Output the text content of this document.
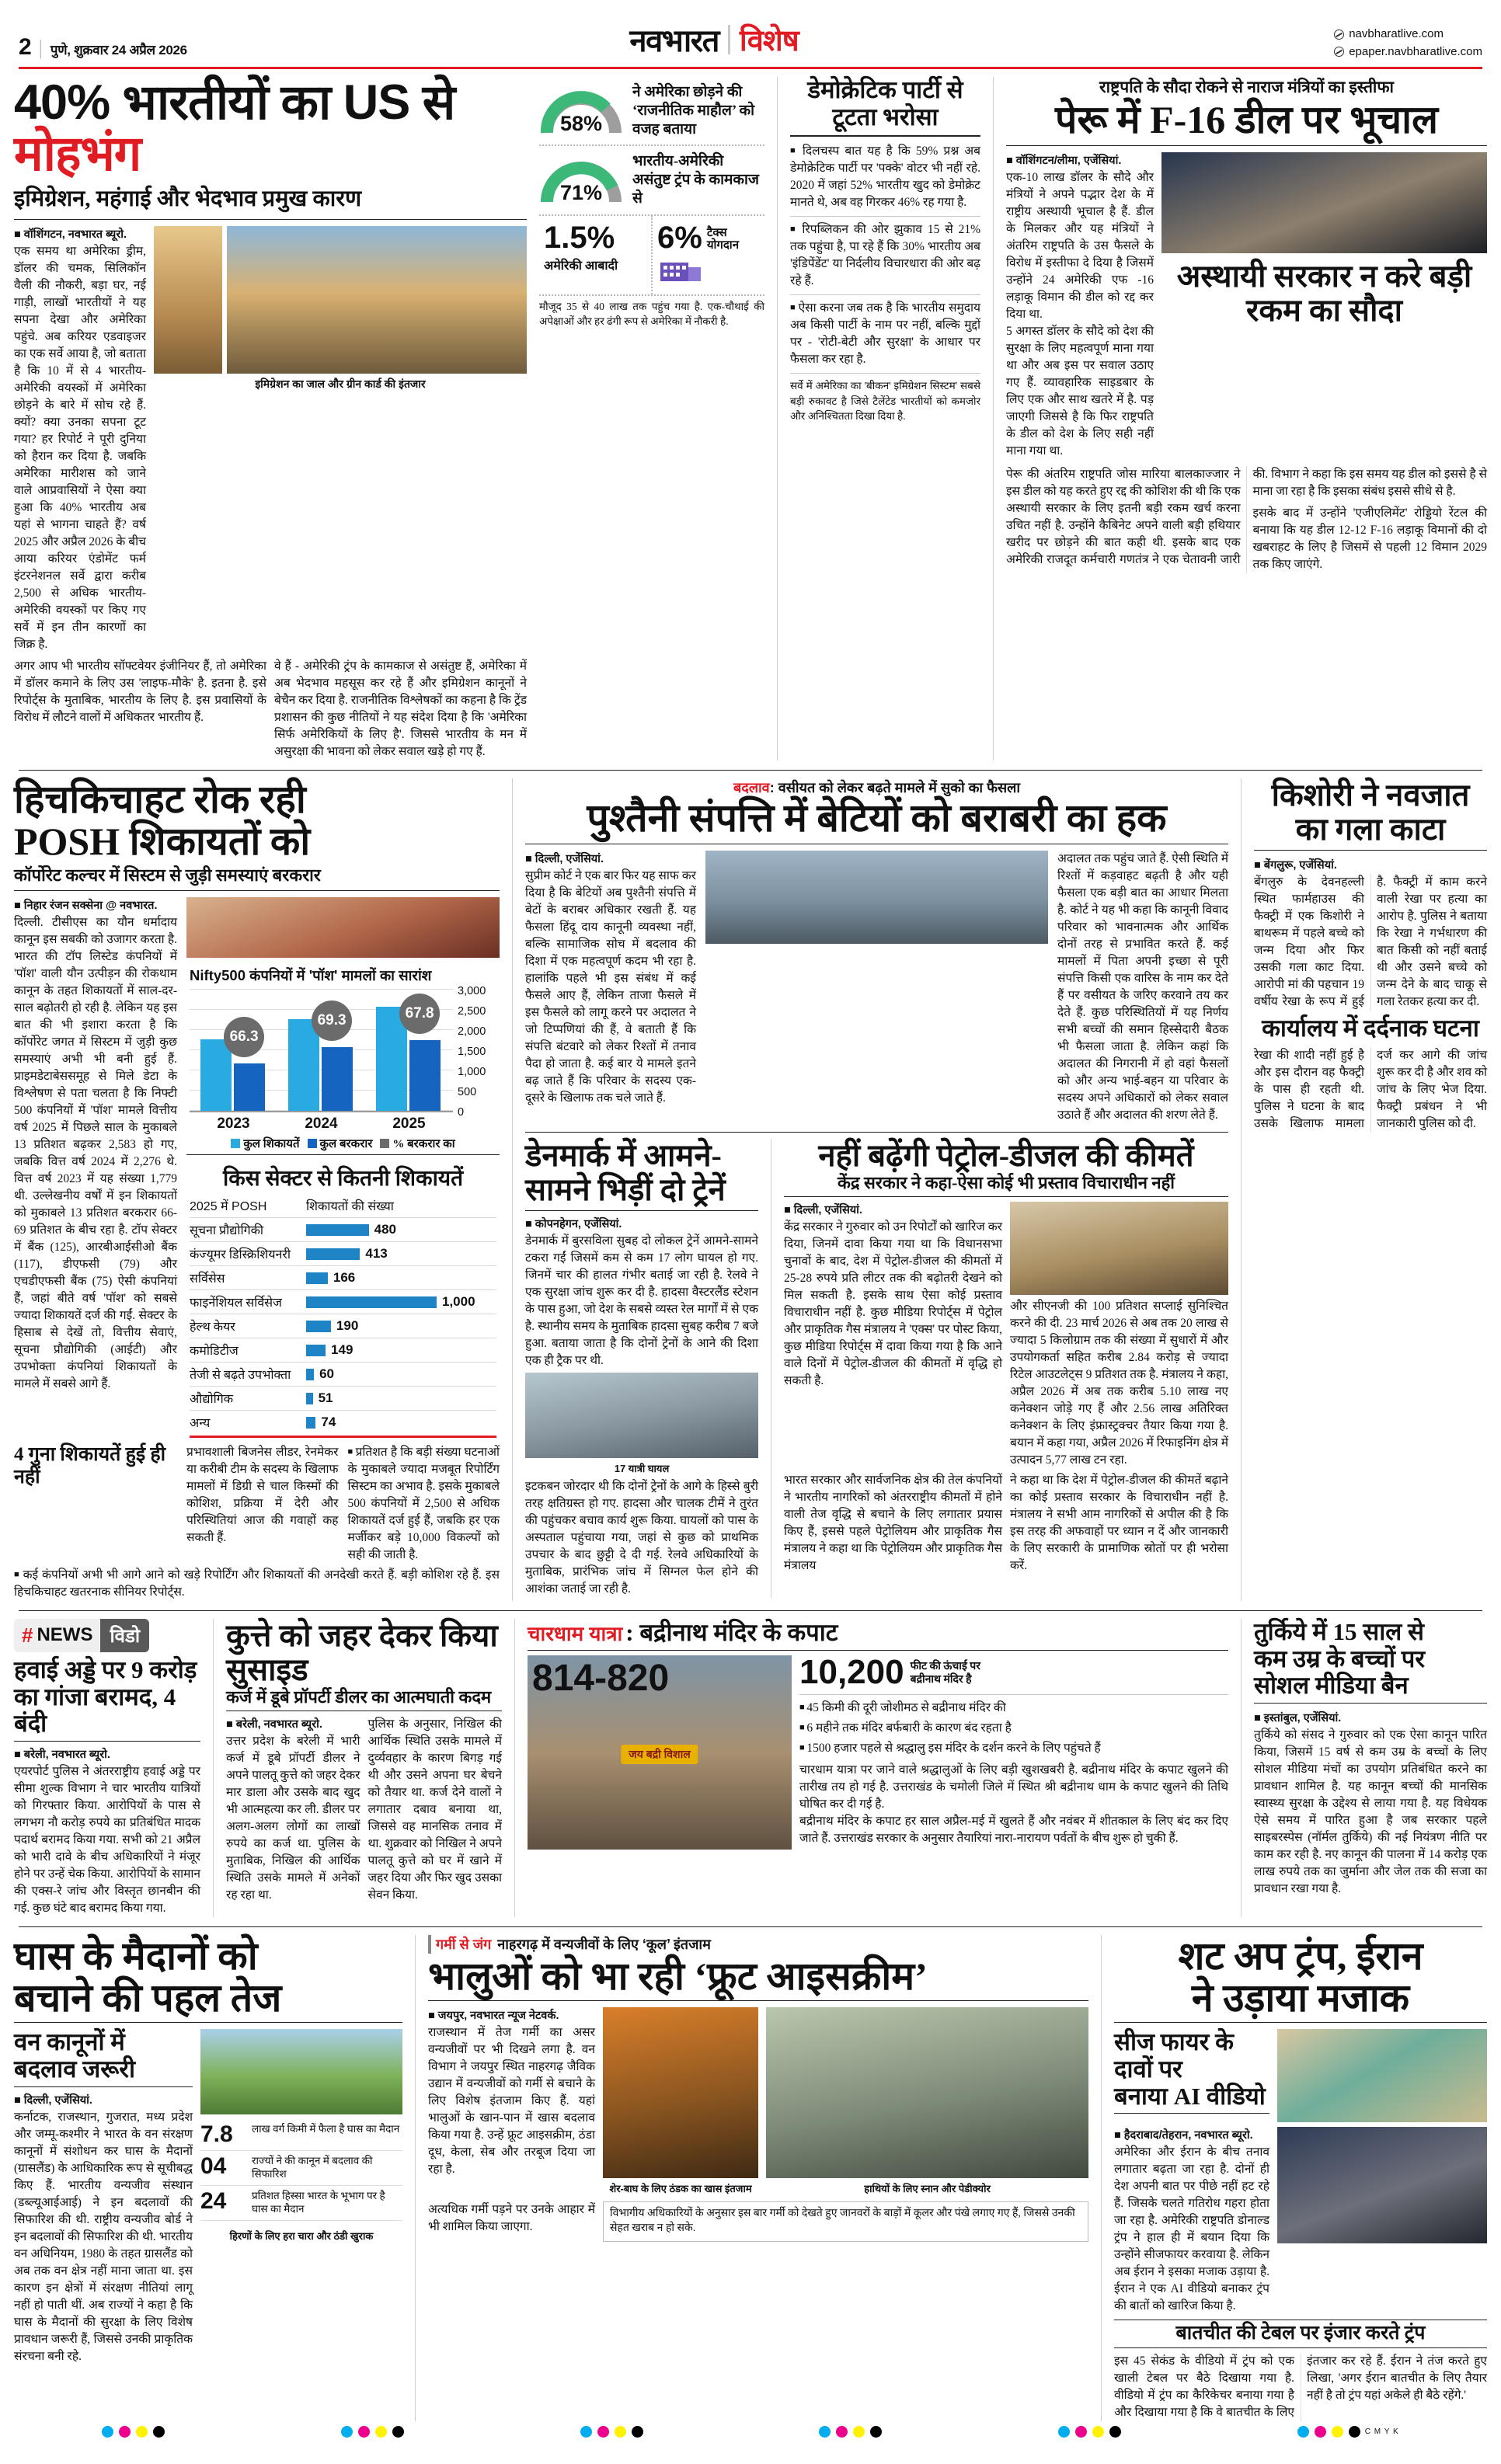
2 | पुणे, शुक्रवार 24 अप्रैल 2026	नवभारत विशेष	navbharatlive.com
epaper.navbharatlive.com
40% भारतीयों का US से मोहभंग
इमिग्रेशन, महंगाई और भेदभाव प्रमुख कारण
■ वॉशिंगटन, नवभारत ब्यूरो.
एक समय था अमेरिका ड्रीम, डॉलर की चमक, सिलिकॉन वैली की नौकरी, बड़ा घर, नई गाड़ी, लाखों भारतीयों ने यह सपना देखा और अमेरिका पहुंचे. अब करियर एडवाइजर का एक सर्वे आया है, जो बताता है कि 10 में से 4 भारतीय-अमेरिकी वयस्कों में अमेरिका छोड़ने के बारे में सोच रहे हैं. क्यों? क्या उनका सपना टूट गया? हर रिपोर्ट ने पूरी दुनिया को हैरान कर दिया है. जबकि अमेरिका मारीशस को जाने वाले आप्रवासियों ने ऐसा क्या हुआ कि 40% भारतीय अब यहां से भागना चाहते हैं? वर्ष 2025 और अप्रैल 2026 के बीच आया करियर एंडोमेंट फर्म इंटरनेशनल सर्वे द्वारा करीब 2,500 से अधिक भारतीय-अमेरिकी वयस्कों पर किए गए सर्वे में इन तीन कारणों का जिक्र है.
इमिग्रेशन का जाल और ग्रीन कार्ड की इंतजार
अगर आप भी भारतीय सॉफ्टवेयर इंजीनियर हैं, तो अमेरिका में डॉलर कमाने के लिए उस 'लाइफ-मौके' है. इतना है. इसे रिपोर्ट्स के मुताबिक, भारतीय के लिए है. इस प्रवासियों के विरोध में लौटने वालों में अधिकतर भारतीय हैं.
वे हैं - अमेरिकी ट्रंप के कामकाज से असंतुष्ट हैं, अमेरिका में अब भेदभाव महसूस कर रहे हैं और इमिग्रेशन कानूनों ने बेचैन कर दिया है. राजनीतिक विश्लेषकों का कहना है कि ट्रेंड प्रशासन की कुछ नीतियों ने यह संदेश दिया है कि 'अमेरिका सिर्फ अमेरिकियों के लिए है'. जिससे भारतीय के मन में असुरक्षा की भावना को लेकर सवाल खड़े हो गए हैं.
58%
ने अमेरिका छोड़ने की ‘राजनीतिक माहौल’ को वजह बताया
71%
भारतीय-अमेरिकी असंतुष्ट ट्रंप के कामकाज से
1.5%
अमेरिकी आबादी
6% टैक्स योगदान
मौजूद 35 से 40 लाख तक पहुंच गया है. एक-चौथाई की अपेक्षाओं और हर ढंगी रूप से अमेरिका में नौकरी है.
डेमोक्रेटिक पार्टी से
टूटता भरोसा
■ दिलचस्प बात यह है कि 59% प्रश्न अब डेमोक्रेटिक पार्टी पर 'पक्के' वोटर भी नहीं रहे. 2020 में जहां 52% भारतीय खुद को डेमोक्रेट मानते थे, अब वह गिरकर 46% रह गया है.
■ रिपब्लिकन की ओर झुकाव 15 से 21% तक पहुंचा है, पा रहे हैं कि 30% भारतीय अब 'इंडिपेंडेंट' या निर्दलीय विचारधारा की ओर बढ़ रहे हैं.
■ ऐसा करना जब तक है कि भारतीय समुदाय अब किसी पार्टी के नाम पर नहीं, बल्कि मुद्दों पर - 'रोटी-बेटी और सुरक्षा' के आधार पर फैसला कर रहा है.
सर्वे में अमेरिका का 'बीकन' इमिग्रेशन सिस्टम' सबसे बड़ी रुकावट है जिसे टैलेंटेड भारतीयों को कमजोर और अनिश्चितता दिखा दिया है.
राष्ट्रपति के सौदा रोकने से नाराज मंत्रियों का इस्तीफा
पेरू में F-16 डील पर भूचाल
■ वॉशिंगटन/लीमा, एजेंसियां.
एक-10 लाख डॉलर के सौदे और मंत्रियों ने अपने पद्भार देश के में राष्ट्रीय अस्थायी भूचाल है हैं. डील के मिलकर और यह मंत्रियों ने अंतरिम राष्ट्रपति के उस फैसले के विरोध में इस्तीफा दे दिया है जिसमें उन्होंने 24 अमेरिकी एफ -16 लड़ाकू विमान की डील को रद्द कर दिया था.
5 अगस्त डॉलर के सौदे को देश की सुरक्षा के लिए महत्वपूर्ण माना गया था और अब इस पर सवाल उठाए गए हैं. व्यावहारिक साइडबार के लिए एक और साथ खतरे में है. पड़ जाएगी जिससे है कि फिर राष्ट्रपति के डील को देश के लिए सही नहीं माना गया था.
अस्थायी सरकार न करे बड़ी रकम का सौदा

पेरू की अंतरिम राष्ट्रपति जोस मारिया बालकाज्जार ने इस डील को यह करते हुए रद्द की कोशिश की थी कि एक अस्थायी सरकार के लिए इतनी बड़ी रकम खर्च करना उचित नहीं है. उन्होंने कैबिनेट अपने वाली बड़ी हथियार खरीद पर छोड़ने की बात कही थी. इसके बाद एक अमेरिकी राजदूत कर्मचारी गणतंत्र ने एक चेतावनी जारी की. विभाग ने कहा कि इस समय यह डील को इससे है से माना जा रहा है कि इसका संबंध इससे सीधे से है.

इसके बाद में उन्होंने 'एजीएलिमेंट' रोड्डियो रेंटल की बनाया कि यह डील 12-12 F-16 लड़ाकू विमानों की दो खबराहट के लिए है जिसमें से पहली 12 विमान 2029 तक किए जाएंगे.

हिचकिचाहट रोक रही
POSH शिकायतों को
कॉर्पोरेट कल्चर में सिस्टम से जुड़ी समस्याएं बरकरार
■ निहार रंजन सक्सेना @ नवभारत.
दिल्ली. टीसीएस का यौन धर्मादाय कानून इस सबकी को उजागर करता है. भारत की टॉप लिस्टेड कंपनियों में 'पॉश' वाली यौन उत्पीड़न की रोकथाम कानून के तहत शिकायतों में साल-दर-साल बढ़ोतरी हो रही है. लेकिन यह इस बात की भी इशारा करता है कि कॉर्पोरेट जगत में सिस्टम में जुड़ी कुछ समस्याएं अभी भी बनी हुई हैं. प्राइमडेटाबेससमूह से मिले डेटा के विश्लेषण से पता चलता है कि निफ्टी 500 कंपनियों में 'पॉश' मामले वित्तीय वर्ष 2025 में पिछले साल के मुकाबले 13 प्रतिशत बढ़कर 2,583 हो गए, जबकि वित्त वर्ष 2024 में 2,276 थे. वित्त वर्ष 2023 में यह संख्या 1,779 थी. उल्लेखनीय वर्षों में इन शिकायतों को मुकाबले 13 प्रतिशत बरकरार 66-69 प्रतिशत के बीच रहा है. टॉप सेक्टर में बैंक (125), आरबीआईसीओ बैंक (117), डीएफसी (79) और एचडीएफसी बैंक (75) ऐसी कंपनियां हैं, जहां बीते वर्ष 'पॉश' को सबसे ज्यादा शिकायतें दर्ज की गईं. सेक्टर के हिसाब से देखें तो, वित्तीय सेवाएं, सूचना प्रौद्योगिकी (आईटी) और उपभोक्ता कंपनियां शिकायतों के मामले में सबसे आगे हैं.
Nifty500 कंपनियों में 'पॉश' मामलों का सारांश
66.3
69.3	67.8
3,000
2,500
2,000
1,500
1,000
500
0
2023	2024	2025
कुल शिकायतें	कुल बरकरार	% बरकरार का
किस सेक्टर से कितनी शिकायतें
2025 में POSH	शिकायतों की संख्या
सूचना प्रौद्योगिकी	480
कंज्यूमर डिस्क्रिशियनरी	413
सर्विसेस	166
फाइनेंशियल सर्विसेज	1,000
हेल्थ केयर	190
कमोडिटीज	149
तेजी से बढ़ते उपभोक्ता	60
औद्योगिक	51
अन्य	74
4 गुना शिकायतें हुई ही नहीं
प्रभावशाली बिजनेस लीडर, रेनमेकर या करीबी टीम के सदस्य के खिलाफ मामलों में डिग्री से चाल किस्मों की कोशिश, प्रक्रिया में देरी और परिस्थितियां आज की गवाहों कह सकती हैं.
■ प्रतिशत है कि बड़ी संख्या घटनाओं के मुकाबले ज्यादा मजबूत रिपोर्टिंग सिस्टम का अभाव है. इसके मुकाबले 500 कंपनियों में 2,500 से अधिक शिकायतें दर्ज हुई हैं, जबकि हर एक मर्जीकर बड़े 10,000 विकल्पों को सही की जाती है.
■ कई कंपनियों अभी भी आगे आने को खड़े रिपोर्टिंग और शिकायतों की अनदेखी करते हैं. बड़ी कोशिश रहे हैं. इस हिचकिचाहट खतरनाक सीनियर रिपोर्ट्स.
बदलाव: वसीयत को लेकर बढ़ते मामले में सुको का फैसला
पुश्तैनी संपत्ति में बेटियों को बराबरी का हक
■ दिल्ली, एजेंसियां.
सुप्रीम कोर्ट ने एक बार फिर यह साफ कर दिया है कि बेटियों अब पुश्तैनी संपत्ति में बेटों के बराबर अधिकार रखती हैं. यह फैसला हिंदू दाय कानूनी व्यवस्था नहीं, बल्कि सामाजिक सोच में बदलाव की दिशा में एक महत्वपूर्ण कदम भी रहा है. हालांकि पहले भी इस संबंध में कई फैसले आए हैं, लेकिन ताजा फैसले में इस फैसले को लागू करने पर अदालत ने जो टिप्पणियां की हैं, वे बताती हैं कि संपत्ति बंटवारे को लेकर रिश्तों में तनाव पैदा हो जाता है. कई बार ये मामले इतने बढ़ जाते हैं कि परिवार के सदस्य एक-दूसरे के खिलाफ तक चले जाते हैं.
अदालत तक पहुंच जाते हैं. ऐसी स्थिति में रिश्तों में कड़वाहट बढ़ती है और यही फैसला एक बड़ी बात का आधार मिलता है. कोर्ट ने यह भी कहा कि कानूनी विवाद परिवार को भावनात्मक और आर्थिक दोनों तरह से प्रभावित करते हैं. कई मामलों में पिता अपनी इच्छा से पूरी संपत्ति किसी एक वारिस के नाम कर देते हैं पर वसीयत के जरिए करवाने तय कर देते हैं. कुछ परिस्थितियों में यह निर्णय सभी बच्चों की समान हिस्सेदारी बैठक भी फैसला जाता है. लेकिन कहां कि अदालत की निगरानी में हो वहां फैसलों को और अन्य भाई-बहन या परिवार के सदस्य अपने अधिकारों को लेकर सवाल उठाते हैं और अदालत की शरण लेते हैं.
डेनमार्क में आमने-
सामने भिड़ीं दो ट्रेनें
■ कोपनहेगन, एजेंसियां.
डेनमार्क में बुरसविला सुबह दो लोकल ट्रेनें आमने-सामने टकरा गईं जिसमें कम से कम 17 लोग घायल हो गए. जिनमें चार की हालत गंभीर बताई जा रही है. रेलवे ने एक सुरक्षा जांच शुरू कर दी है. हादसा वैस्टरलैंड स्टेशन के पास हुआ, जो देश के सबसे व्यस्त रेल मार्गों में से एक है. स्थानीय समय के मुताबिक हादसा सुबह करीब 7 बजे हुआ. बताया जाता है कि दोनों ट्रेनों के आने की दिशा एक ही ट्रैक पर थी.
17 यात्री घायल
इटकबन जोरदार थी कि दोनों ट्रेनों के आगे के हिस्से बुरी तरह क्षतिग्रस्त हो गए. हादसा और चालक टीमें ने तुरंत की पहुंचकर बचाव कार्य शुरू किया. घायलों को पास के अस्पताल पहुंचाया गया, जहां से कुछ को प्राथमिक उपचार के बाद छुट्टी दे दी गई. रेलवे अधिकारियों के मुताबिक, प्रारंभिक जांच में सिग्नल फेल होने की आशंका जताई जा रही है.
नहीं बढ़ेंगी पेट्रोल-डीजल की कीमतें
केंद्र सरकार ने कहा-ऐसा कोई भी प्रस्ताव विचाराधीन नहीं
■ दिल्ली, एजेंसियां.
केंद्र सरकार ने गुरुवार को उन रिपोर्टों को खारिज कर दिया, जिनमें दावा किया गया था कि विधानसभा चुनावों के बाद, देश में पेट्रोल-डीजल की कीमतों में 25-28 रुपये प्रति लीटर तक की बढ़ोतरी देखने को मिल सकती है. इसके साथ ऐसा कोई प्रस्ताव विचाराधीन नहीं है. कुछ मीडिया रिपोर्ट्स में पेट्रोल और प्राकृतिक गैस मंत्रालय ने 'एक्स' पर पोस्ट किया, कुछ मीडिया रिपोर्ट्स में दावा किया गया है कि आने वाले दिनों में पेट्रोल-डीजल की कीमतों में वृद्धि हो सकती है.
और सीएनजी की 100 प्रतिशत सप्लाई सुनिश्चित करने की दी. 23 मार्च 2026 से अब तक 20 लाख से ज्यादा 5 किलोग्राम तक की संख्या में सुधारों में और उपयोगकर्ता सहित करीब 2.84 करोड़ से ज्यादा रिटेल आउटलेट्स 9 प्रतिशत तक है. मंत्रालय ने कहा, अप्रैल 2026 में अब तक करीब 5.10 लाख नए कनेक्शन जोड़े गए हैं और 2.56 लाख अतिरिक्त कनेक्शन के लिए इंफ्रास्ट्रक्चर तैयार किया गया है. बयान में कहा गया, अप्रैल 2026 में रिफाइनिंग क्षेत्र में उत्पादन 5,77 लाख टन रहा.
भारत सरकार और सार्वजनिक क्षेत्र की तेल कंपनियों ने भारतीय नागरिकों को अंतरराष्ट्रीय कीमतों में होने वाली तेज वृद्धि से बचाने के लिए लगातार प्रयास किए हैं, इससे पहले पेट्रोलियम और प्राकृतिक गैस मंत्रालय ने कहा था कि पेट्रोलियम और प्राकृतिक गैस मंत्रालय
ने कहा था कि देश में पेट्रोल-डीजल की कीमतें बढ़ाने का कोई प्रस्ताव सरकार के विचाराधीन नहीं है. मंत्रालय ने सभी आम नागरिकों से अपील की है कि इस तरह की अफवाहों पर ध्यान न दें और जानकारी के लिए सरकारी के प्रामाणिक स्रोतों पर ही भरोसा करें.
किशोरी ने नवजात
का गला काटा
■ बेंगलुरू, एजेंसियां.
बेंगलुरु के देवनहल्ली स्थित फार्महाउस की फैक्ट्री में एक किशोरी ने बाथरूम में पहले बच्चे को जन्म दिया और फिर उसकी गला काट दिया. आरोपी मां की पहचान 19 वर्षीय रेखा के रूप में हुई है. फैक्ट्री में काम करने वाली रेखा पर हत्या का आरोप है. पुलिस ने बताया कि रेखा ने गर्भधारण की बात किसी को नहीं बताई थी और उसने बच्चे को जन्म देने के बाद चाकू से गला रेतकर हत्या कर दी.
कार्यालय में दर्दनाक घटना
रेखा की शादी नहीं हुई है और इस दौरान वह फैक्ट्री के पास ही रहती थी. पुलिस ने घटना के बाद उसके खिलाफ मामला दर्ज कर आगे की जांच शुरू कर दी है और शव को जांच के लिए भेज दिया. फैक्ट्री प्रबंधन ने भी जानकारी पुलिस को दी.
# NEWS विडो
हवाई अड्डे पर 9 करोड़
का गांजा बरामद, 4 बंदी
■ बरेली, नवभारत ब्यूरो.
एयरपोर्ट पुलिस ने अंतरराष्ट्रीय हवाई अड्डे पर सीमा शुल्क विभाग ने चार भारतीय यात्रियों को गिरफ्तार किया. आरोपियों के पास से लगभग नौ करोड़ रुपये का प्रतिबंधित मादक पदार्थ बरामद किया गया. सभी को 21 अप्रैल को भारी दावे के बीच अधिकारियों ने मंजूर होने पर उन्हें चेक किया. आरोपियों के सामान की एक्स-रे जांच और विस्तृत छानबीन की गई. कुछ घंटे बाद बरामद किया गया.
कुत्ते को जहर देकर किया सुसाइड
कर्ज में डूबे प्रॉपर्टी डीलर का आत्मघाती कदम
■ बरेली, नवभारत ब्यूरो.
उत्तर प्रदेश के बरेली में भारी कर्ज में डूबे प्रॉपर्टी डीलर ने अपने पालतू कुत्ते को जहर देकर मार डाला और उसके बाद खुद भी आत्महत्या कर ली. डीलर पर अलग-अलग लोगों का लाखों रुपये का कर्ज था. पुलिस के मुताबिक, निखिल की आर्थिक स्थिति उसके मामले में अनेकों रह रहा था.
पुलिस के अनुसार, निखिल की आर्थिक स्थिति उसके मामले में दुर्व्यवहार के कारण बिगड़ गई थी और उसने अपना घर बेचने को तैयार था. कर्ज देने वालों ने लगातार दबाव बनाया था, जिससे वह मानसिक तनाव में था. शुक्रवार को निखिल ने अपने पालतू कुत्ते को घर में खाने में जहर दिया और फिर खुद उसका सेवन किया.
चारधाम यात्रा : बद्रीनाथ मंदिर के कपाट
814-820
जय बद्री विशाल
10,200 फीट की ऊंचाई पर
बद्रीनाथ मंदिर है
■ 45 किमी की दूरी जोशीमठ से बद्रीनाथ मंदिर की
■ 6 महीने तक मंदिर बर्फबारी के कारण बंद रहता है
■ 1500 हजार पहले से श्रद्धालु इस मंदिर के दर्शन करने के लिए पहुंचते हैं
चारधाम यात्रा पर जाने वाले श्रद्धालुओं के लिए बड़ी खुशखबरी है. बद्रीनाथ मंदिर के कपाट खुलने की तारीख तय हो गई है. उत्तराखंड के चमोली जिले में स्थित श्री बद्रीनाथ धाम के कपाट खुलने की तिथि घोषित कर दी गई है.
बद्रीनाथ मंदिर के कपाट हर साल अप्रैल-मई में खुलते हैं और नवंबर में शीतकाल के लिए बंद कर दिए जाते हैं. उत्तराखंड सरकार के अनुसार तैयारियां नारा-नारायण पर्वतों के बीच शुरू हो चुकी हैं.
तुर्किये में 15 साल से
कम उम्र के बच्चों पर
सोशल मीडिया बैन
■ इस्तांबुल, एजेंसियां.
तुर्किये को संसद ने गुरुवार को एक ऐसा कानून पारित किया, जिसमें 15 वर्ष से कम उम्र के बच्चों के लिए सोशल मीडिया मंचों का उपयोग प्रतिबंधित करने का प्रावधान शामिल है. यह कानून बच्चों की मानसिक स्वास्थ्य सुरक्षा के उद्देश्य से लाया गया है. यह विधेयक ऐसे समय में पारित हुआ है जब सरकार पहले साइबरस्पेस (नॉर्मल तुर्किये) की नई नियंत्रण नीति पर काम कर रही है. नए कानून की पालना में 14 करोड़ एक लाख रुपये तक का जुर्माना और जेल तक की सजा का प्रावधान रखा गया है.
घास के मैदानों को
बचाने की पहल तेज
वन कानूनों में
बदलाव जरूरी
■ दिल्ली, एजेंसियां.
कर्नाटक, राजस्थान, गुजरात, मध्य प्रदेश और जम्मू-कश्मीर ने भारत के वन संरक्षण कानूनों में संशोधन कर घास के मैदानों (ग्रासलैंड) के आधिकारिक रूप से सूचीबद्ध किए हैं. भारतीय वन्यजीव संस्थान (डब्ल्यूआईआई) ने इन बदलावों की सिफारिश की थी. राष्ट्रीय वन्यजीव बोर्ड ने इन बदलावों की सिफारिश की थी. भारतीय वन अधिनियम, 1980 के तहत ग्रासलैंड को अब तक वन क्षेत्र नहीं माना जाता था. इस कारण इन क्षेत्रों में संरक्षण नीतियां लागू नहीं हो पाती थीं. अब राज्यों ने कहा है कि घास के मैदानों की सुरक्षा के लिए विशेष प्रावधान जरूरी हैं, जिससे उनकी प्राकृतिक संरचना बनी रहे.
7.8	लाख वर्ग किमी में फैला है घास का मैदान
04	राज्यों ने की कानून में बदलाव की सिफारिश
24	प्रतिशत हिस्सा भारत के भूभाग पर है घास का मैदान
हिरणों के लिए हरा चारा और ठंडी खुराक
गर्मी से जंग नाहरगढ़ में वन्यजीवों के लिए ‘कूल’ इंतजाम
भालुओं को भा रही ‘फ्रूट आइसक्रीम’
■ जयपुर, नवभारत न्यूज नेटवर्क.
राजस्थान में तेज गर्मी का असर वन्यजीवों पर भी दिखने लगा है. वन विभाग ने जयपुर स्थित नाहरगढ़ जैविक उद्यान में वन्यजीवों को गर्मी से बचाने के लिए विशेष इंतजाम किए हैं. यहां भालुओं के खान-पान में खास बदलाव किया गया है. उन्हें फ्रूट आइसक्रीम, ठंडा दूध, केला, सेब और तरबूज दिया जा रहा है.
शेर-बाघ के लिए ठंडक का खास इंतजाम	हाथियों के लिए स्नान और पेडीक्योर
अत्यधिक गर्मी पड़ने पर उनके आहार में भी शामिल किया जाएगा.
विभागीय अधिकारियों के अनुसार इस बार गर्मी को देखते हुए जानवरों के बाड़ों में कूलर और पंखे लगाए गए हैं, जिससे उनकी सेहत खराब न हो सके.
शट अप ट्रंप, ईरान
ने उड़ाया मजाक
सीज फायर के दावों पर
बनाया AI वीडियो
■ हैदराबाद/तेहरान, नवभारत ब्यूरो.
अमेरिका और ईरान के बीच तनाव लगातार बढ़ता जा रहा है. दोनों ही देश अपनी बात पर पीछे नहीं हट रहे हैं. जिसके चलते गतिरोध गहरा होता जा रहा है. अमेरिकी राष्ट्रपति डोनाल्ड ट्रंप ने हाल ही में बयान दिया कि उन्होंने सीजफायर करवाया है. लेकिन अब ईरान ने इसका मजाक उड़ाया है. ईरान ने एक AI वीडियो बनाकर ट्रंप की बातों को खारिज किया है.
बातचीत की टेबल पर इंजार करते ट्रंप
इस 45 सेकंड के वीडियो में ट्रंप को एक खाली टेबल पर बैठे दिखाया गया है. वीडियो में ट्रंप का कैरिकेचर बनाया गया है और दिखाया गया है कि वे बातचीत के लिए इंतजार कर रहे हैं. ईरान ने तंज करते हुए लिखा, 'अगर ईरान बातचीत के लिए तैयार नहीं है तो ट्रंप यहां अकेले ही बैठे रहेंगे.'
C M Y K
